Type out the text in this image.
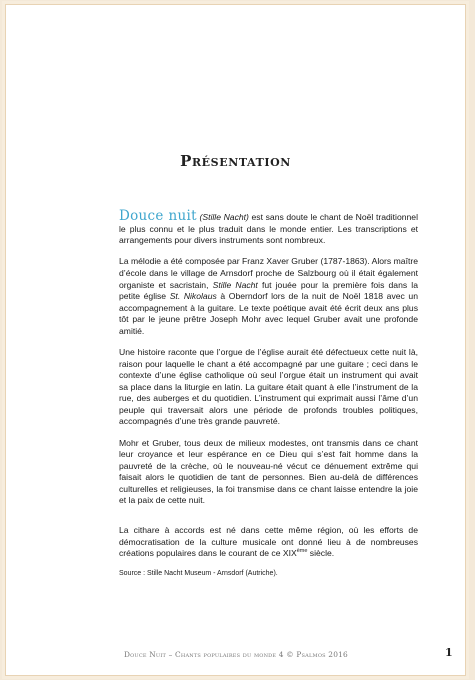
Présentation

Douce nuit (Stille Nacht) est sans doute le chant de Noël traditionnel le plus connu et le plus traduit dans le monde entier. Les transcriptions et arrangements pour divers instruments sont nombreux.

La mélodie a été composée par Franz Xaver Gruber (1787-1863). Alors maître d’école dans le village de Arnsdorf proche de Salzbourg où il était également organiste et sacristain, Stille Nacht fut jouée pour la première fois dans la petite église St. Nikolaus à Oberndorf lors de la nuit de Noël 1818 avec un accompagnement à la guitare. Le texte poétique avait été écrit deux ans plus tôt par le jeune prêtre Joseph Mohr avec lequel Gruber avait une profonde amitié.

Une histoire raconte que l’orgue de l’église aurait été défectueux cette nuit là, raison pour laquelle le chant a été accompagné par une guitare ; ceci dans le contexte d’une église catholique où seul l’orgue était un instrument qui avait sa place dans la liturgie en latin. La guitare était quant à elle l’instrument de la rue, des auberges et du quotidien. L’instrument qui exprimait aussi l’âme d’un peuple qui traversait alors une période de profonds troubles politiques, accompagnés d’une très grande pauvreté.

Mohr et Gruber, tous deux de milieux modestes, ont transmis dans ce chant leur croyance et leur espérance en ce Dieu qui s’est fait homme dans la pauvreté de la crèche, où le nouveau-né vécut ce dénuement extrême qui faisait alors le quotidien de tant de personnes. Bien au-delà de différences culturelles et religieuses, la foi transmise dans ce chant laisse entendre la joie et la paix de cette nuit.

La cithare à accords est né dans cette même région, où les efforts de démocratisation de la culture musicale ont donné lieu à de nombreuses créations populaires dans le courant de ce XIXème siècle.

Source : Stille Nacht Museum - Arnsdorf (Autriche).

Douce Nuit – Chants populaires du monde 4 © Psalmos 2016	1
